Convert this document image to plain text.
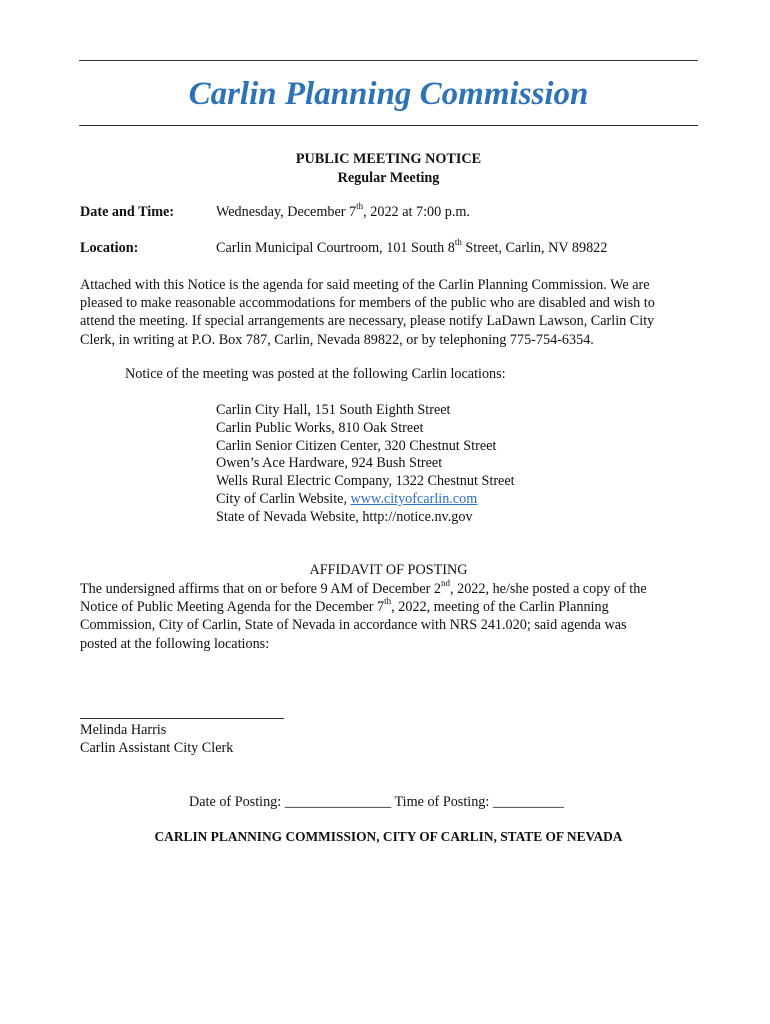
Carlin Planning Commission
PUBLIC MEETING NOTICE
Regular Meeting
Date and Time:	Wednesday, December 7th, 2022 at 7:00 p.m.
Location:	Carlin Municipal Courtroom, 101 South 8th Street, Carlin, NV 89822
Attached with this Notice is the agenda for said meeting of the Carlin Planning Commission. We are
pleased to make reasonable accommodations for members of the public who are disabled and wish to
attend the meeting. If special arrangements are necessary, please notify LaDawn Lawson, Carlin City
Clerk, in writing at P.O. Box 787, Carlin, Nevada 89822, or by telephoning 775-754-6354.
Notice of the meeting was posted at the following Carlin locations:
Carlin City Hall, 151 South Eighth Street
Carlin Public Works, 810 Oak Street
Carlin Senior Citizen Center, 320 Chestnut Street
Owen’s Ace Hardware, 924 Bush Street
Wells Rural Electric Company, 1322 Chestnut Street
City of Carlin Website, www.cityofcarlin.com
State of Nevada Website, http://notice.nv.gov
AFFIDAVIT OF POSTING
The undersigned affirms that on or before 9 AM of December 2nd, 2022, he/she posted a copy of the
Notice of Public Meeting Agenda for the December 7th, 2022, meeting of the Carlin Planning
Commission, City of Carlin, State of Nevada in accordance with NRS 241.020; said agenda was
posted at the following locations:
Melinda Harris
Carlin Assistant City Clerk
Date of Posting: _______________ Time of Posting: __________
CARLIN PLANNING COMMISSION, CITY OF CARLIN, STATE OF NEVADA
